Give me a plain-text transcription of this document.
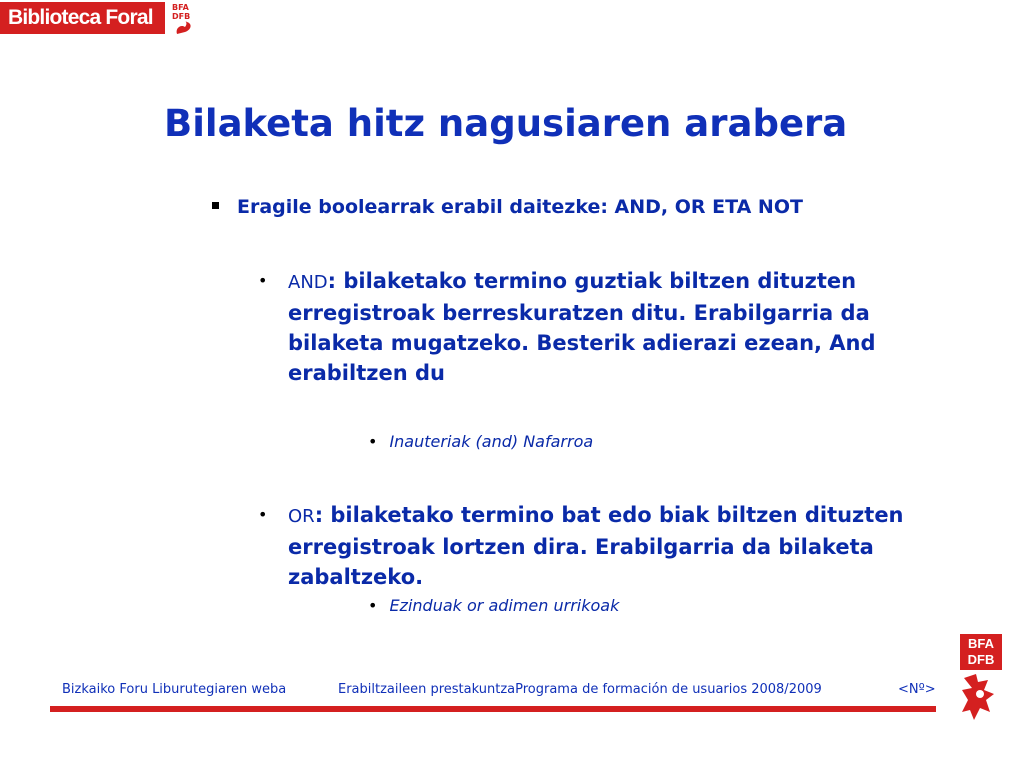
Biblioteca Foral	BFA
DFB
Bilaketa hitz nagusiaren arabera
Eragile boolearrak erabil daitezke: AND, OR ETA NOT
•	AND: bilaketako termino guztiak biltzen dituzten erregistroak berreskuratzen ditu. Erabilgarria da bilaketa mugatzeko. Besterik adierazi ezean, And erabiltzen du
• Inauteriak (and) Nafarroa
•	OR: bilaketako termino bat edo biak biltzen dituzten erregistroak lortzen dira. Erabilgarria da bilaketa zabaltzeko.
• Ezinduak or adimen urrikoak
Bizkaiko Foru Liburutegiaren weba	Erabiltzaileen prestakuntzaPrograma de formación de usuarios 2008/2009	<Nº>
BFA
DFB
